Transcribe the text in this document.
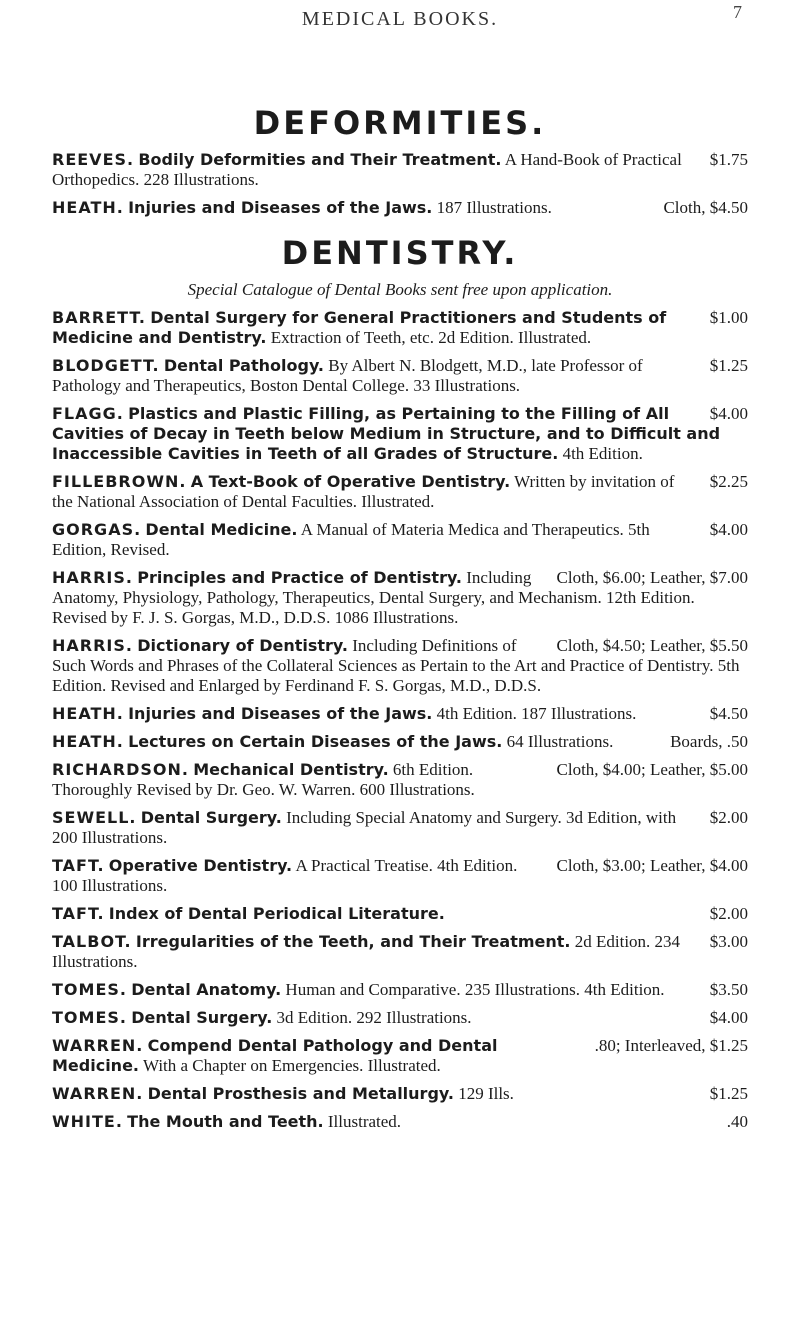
MEDICAL BOOKS.	7
DEFORMITIES.
$1.75
REEVES. Bodily Deformities and Their Treatment. A Hand-Book of Practical Orthopedics. 228 Illustrations.
Cloth, $4.50
HEATH. Injuries and Diseases of the Jaws. 187 Illustrations.
DENTISTRY.
Special Catalogue of Dental Books sent free upon application.
$1.00
BARRETT. Dental Surgery for General Practitioners and Students of Medicine and Dentistry. Extraction of Teeth, etc. 2d Edition. Illustrated.
$1.25
BLODGETT. Dental Pathology. By Albert N. Blodgett, M.D., late Professor of Pathology and Therapeutics, Boston Dental College. 33 Illustrations.
$4.00
FLAGG. Plastics and Plastic Filling, as Pertaining to the Filling of All Cavities of Decay in Teeth below Medium in Structure, and to Difficult and Inaccessible Cavities in Teeth of all Grades of Structure. 4th Edition.
$2.25
FILLEBROWN. A Text-Book of Operative Dentistry. Written by invitation of the National Association of Dental Faculties. Illustrated.
$4.00
GORGAS. Dental Medicine. A Manual of Materia Medica and Therapeutics. 5th Edition, Revised.
Cloth, $6.00; Leather, $7.00
HARRIS. Principles and Practice of Dentistry. Including Anatomy, Physiology, Pathology, Therapeutics, Dental Surgery, and Mechanism. 12th Edition. Revised by F. J. S. Gorgas, M.D., D.D.S. 1086 Illustrations.
Cloth, $4.50; Leather, $5.50
HARRIS. Dictionary of Dentistry. Including Definitions of Such Words and Phrases of the Collateral Sciences as Pertain to the Art and Practice of Dentistry. 5th Edition. Revised and Enlarged by Ferdinand F. S. Gorgas, M.D., D.D.S.
$4.50
HEATH. Injuries and Diseases of the Jaws. 4th Edition. 187 Illustrations.
Boards, .50
HEATH. Lectures on Certain Diseases of the Jaws. 64 Illustrations.
Cloth, $4.00; Leather, $5.00
RICHARDSON. Mechanical Dentistry. 6th Edition. Thoroughly Revised by Dr. Geo. W. Warren. 600 Illustrations.
$2.00
SEWELL. Dental Surgery. Including Special Anatomy and Surgery. 3d Edition, with 200 Illustrations.
Cloth, $3.00; Leather, $4.00
TAFT. Operative Dentistry. A Practical Treatise. 4th Edition. 100 Illustrations.
$2.00
TAFT. Index of Dental Periodical Literature.
$3.00
TALBOT. Irregularities of the Teeth, and Their Treatment. 2d Edition. 234 Illustrations.
$3.50
TOMES. Dental Anatomy. Human and Comparative. 235 Illustrations. 4th Edition.
$4.00
TOMES. Dental Surgery. 3d Edition. 292 Illustrations.
.80; Interleaved, $1.25
WARREN. Compend Dental Pathology and Dental Medicine. With a Chapter on Emergencies. Illustrated.
$1.25
WARREN. Dental Prosthesis and Metallurgy. 129 Ills.
.40
WHITE. The Mouth and Teeth. Illustrated.
